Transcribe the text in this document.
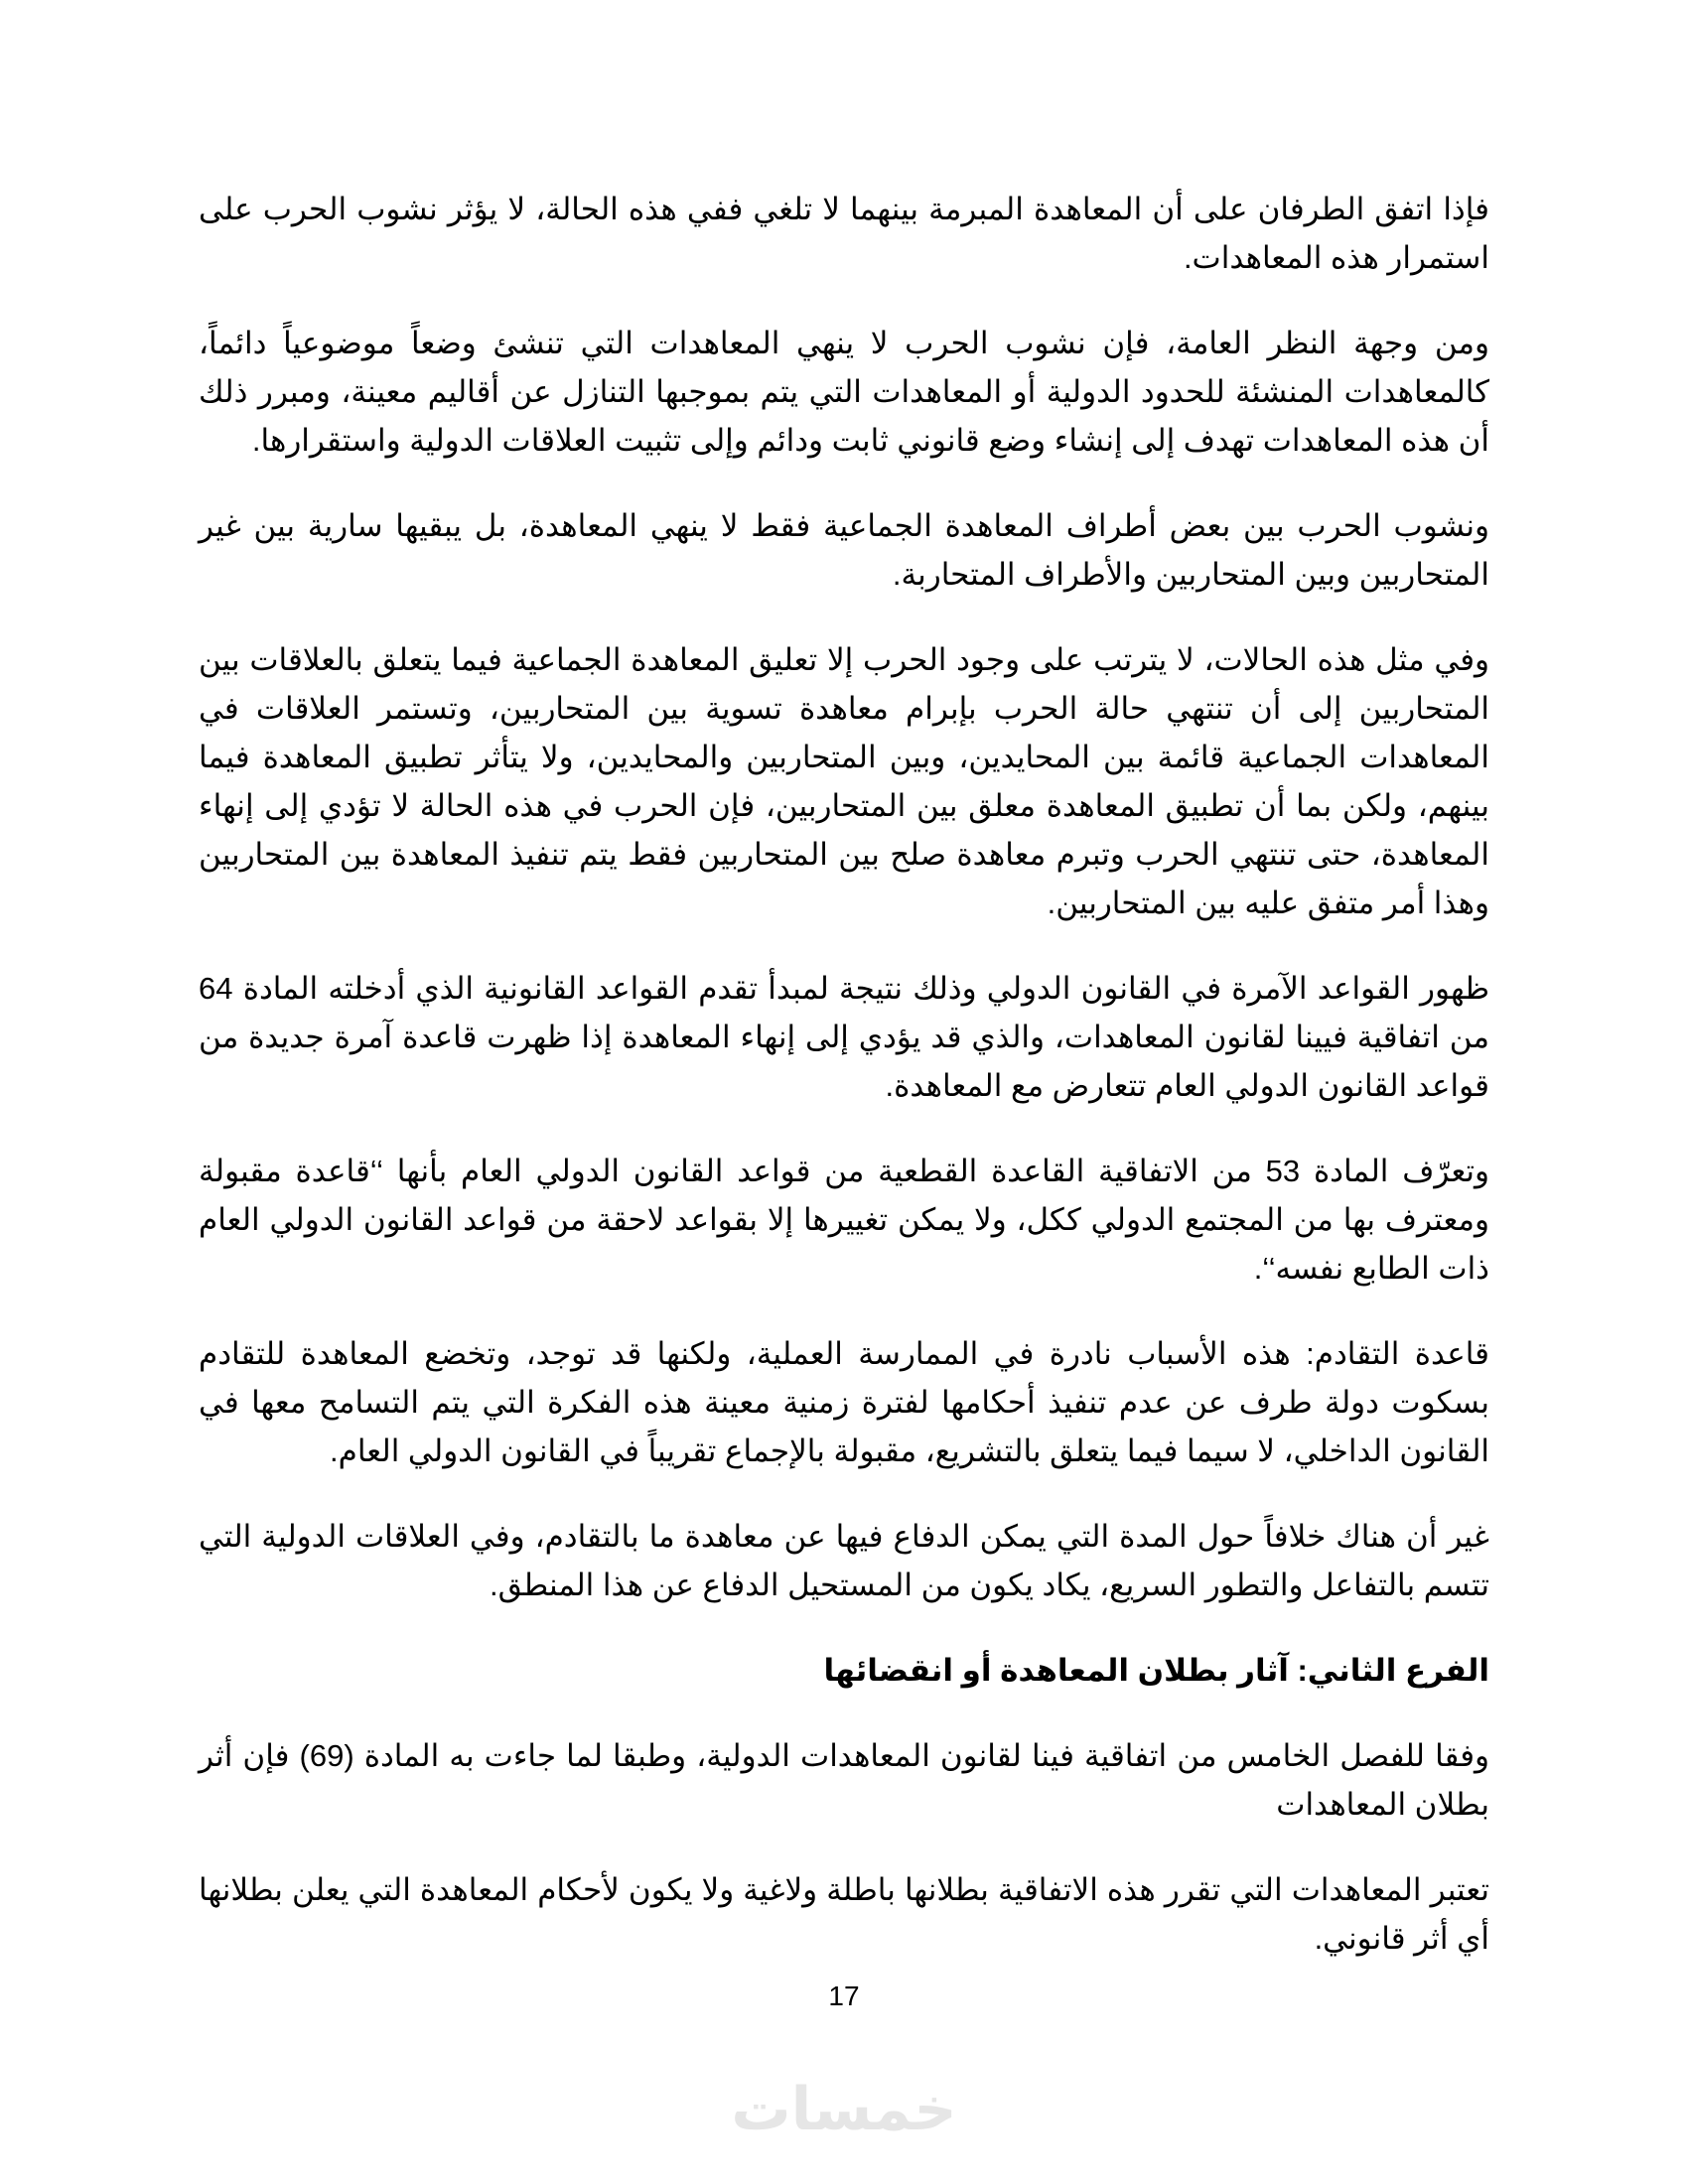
فإذا اتفق الطرفان على أن المعاهدة المبرمة بينهما لا تلغي ففي هذه الحالة، لا يؤثر نشوب الحرب على استمرار هذه المعاهدات.

ومن وجهة النظر العامة، فإن نشوب الحرب لا ينهي المعاهدات التي تنشئ وضعاً موضوعياً دائماً، كالمعاهدات المنشئة للحدود الدولية أو المعاهدات التي يتم بموجبها التنازل عن أقاليم معينة، ومبرر ذلك أن هذه المعاهدات تهدف إلى إنشاء وضع قانوني ثابت ودائم وإلى تثبيت العلاقات الدولية واستقرارها.

ونشوب الحرب بين بعض أطراف المعاهدة الجماعية فقط لا ينهي المعاهدة، بل يبقيها سارية بين غير المتحاربين وبين المتحاربين والأطراف المتحاربة.

وفي مثل هذه الحالات، لا يترتب على وجود الحرب إلا تعليق المعاهدة الجماعية فيما يتعلق بالعلاقات بين المتحاربين إلى أن تنتهي حالة الحرب بإبرام معاهدة تسوية بين المتحاربين، وتستمر العلاقات في المعاهدات الجماعية قائمة بين المحايدين، وبين المتحاربين والمحايدين، ولا يتأثر تطبيق المعاهدة فيما بينهم، ولكن بما أن تطبيق المعاهدة معلق بين المتحاربين، فإن الحرب في هذه الحالة لا تؤدي إلى إنهاء المعاهدة، حتى تنتهي الحرب وتبرم معاهدة صلح بين المتحاربين فقط يتم تنفيذ المعاهدة بين المتحاربين وهذا أمر متفق عليه بين المتحاربين.

ظهور القواعد الآمرة في القانون الدولي وذلك نتيجة لمبدأ تقدم القواعد القانونية الذي أدخلته المادة 64 من اتفاقية فيينا لقانون المعاهدات، والذي قد يؤدي إلى إنهاء المعاهدة إذا ظهرت قاعدة آمرة جديدة من قواعد القانون الدولي العام تتعارض مع المعاهدة.

وتعرّف المادة 53 من الاتفاقية القاعدة القطعية من قواعد القانون الدولي العام بأنها ‘‘قاعدة مقبولة ومعترف بها من المجتمع الدولي ككل، ولا يمكن تغييرها إلا بقواعد لاحقة من قواعد القانون الدولي العام ذات الطابع نفسه‘‘.

قاعدة التقادم: هذه الأسباب نادرة في الممارسة العملية، ولكنها قد توجد، وتخضع المعاهدة للتقادم بسكوت دولة طرف عن عدم تنفيذ أحكامها لفترة زمنية معينة هذه الفكرة التي يتم التسامح معها في القانون الداخلي، لا سيما فيما يتعلق بالتشريع، مقبولة بالإجماع تقريباً في القانون الدولي العام.

غير أن هناك خلافاً حول المدة التي يمكن الدفاع فيها عن معاهدة ما بالتقادم، وفي العلاقات الدولية التي تتسم بالتفاعل والتطور السريع، يكاد يكون من المستحيل الدفاع عن هذا المنطق.

الفرع الثاني: آثار بطلان المعاهدة أو انقضائها

وفقا للفصل الخامس من اتفاقية فينا لقانون المعاهدات الدولية، وطبقا لما جاءت به المادة (69) فإن أثر بطلان المعاهدات

تعتبر المعاهدات التي تقرر هذه الاتفاقية بطلانها باطلة ولاغية ولا يكون لأحكام المعاهدة التي يعلن بطلانها أي أثر قانوني.

17
خمسات
